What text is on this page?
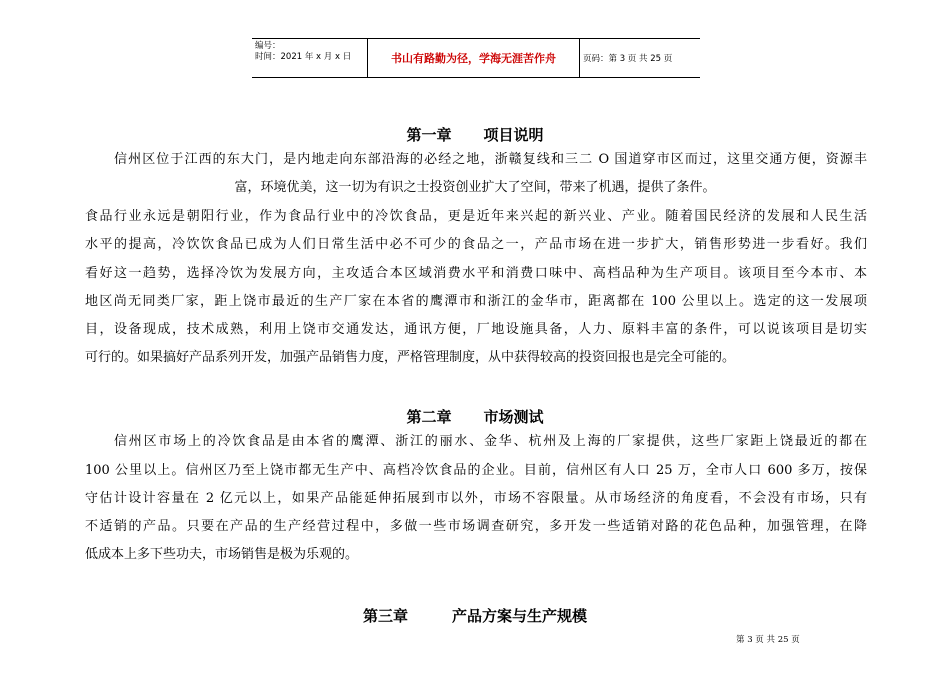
编号：
时间：2021 年 x 月 x 日	书山有路勤为径，学海无涯苦作舟	页码：第 3 页 共 25 页
第一章 项目说明
信州区位于江西的东大门，是内地走向东部沿海的必经之地，浙赣复线和三二 O 国道穿市区而过，这里交通方便，资源丰
富，环境优美，这一切为有识之士投资创业扩大了空间，带来了机遇，提供了条件。
食品行业永远是朝阳行业，作为食品行业中的冷饮食品，更是近年来兴起的新兴业、产业。随着国民经济的发展和人民生活
水平的提高，冷饮饮食品已成为人们日常生活中必不可少的食品之一，产品市场在进一步扩大，销售形势进一步看好。我们
看好这一趋势，选择冷饮为发展方向，主攻适合本区域消费水平和消费口味中、高档品种为生产项目。该项目至今本市、本
地区尚无同类厂家，距上饶市最近的生产厂家在本省的鹰潭市和浙江的金华市，距离都在 100 公里以上。选定的这一发展项
目，设备现成，技术成熟，利用上饶市交通发达，通讯方便，厂地设施具备，人力、原料丰富的条件，可以说该项目是切实
可行的。如果搞好产品系列开发，加强产品销售力度，严格管理制度，从中获得较高的投资回报也是完全可能的。
第二章 市场测试
信州区市场上的冷饮食品是由本省的鹰潭、浙江的丽水、金华、杭州及上海的厂家提供，这些厂家距上饶最近的都在
100 公里以上。信州区乃至上饶市都无生产中、高档冷饮食品的企业。目前，信州区有人口 25 万，全市人口 600 多万，按保
守估计设计容量在 2 亿元以上，如果产品能延伸拓展到市以外，市场不容限量。从市场经济的角度看，不会没有市场，只有
不适销的产品。只要在产品的生产经营过程中，多做一些市场调查研究，多开发一些适销对路的花色品种，加强管理，在降
低成本上多下些功夫，市场销售是极为乐观的。
第三章	产品方案与生产规模
第 3 页 共 25 页
